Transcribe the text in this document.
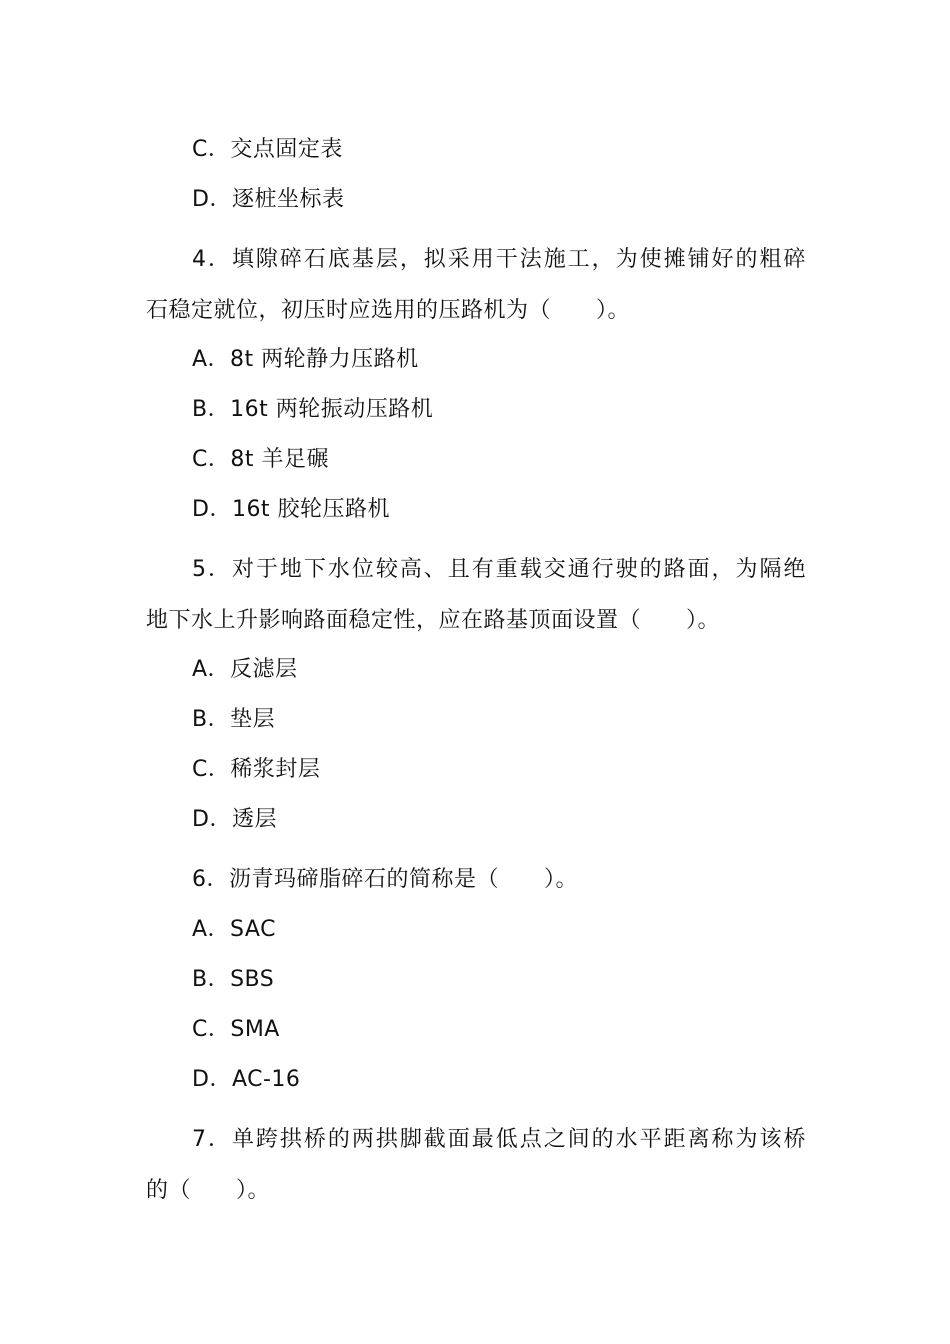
C．交点固定表
D．逐桩坐标表
4．填隙碎石底基层，拟采用干法施工，为使摊铺好的粗碎
石稳定就位，初压时应选用的压路机为（　　）。
A．8t 两轮静力压路机
B．16t 两轮振动压路机
C．8t 羊足碾
D．16t 胶轮压路机
5．对于地下水位较高、且有重载交通行驶的路面，为隔绝
地下水上升影响路面稳定性，应在路基顶面设置（　　）。
A．反滤层
B．垫层
C．稀浆封层
D．透层
6．沥青玛碲脂碎石的简称是（　　）。
A．SAC
B．SBS
C．SMA
D．AC-16
7．单跨拱桥的两拱脚截面最低点之间的水平距离称为该桥
的（　　）。
